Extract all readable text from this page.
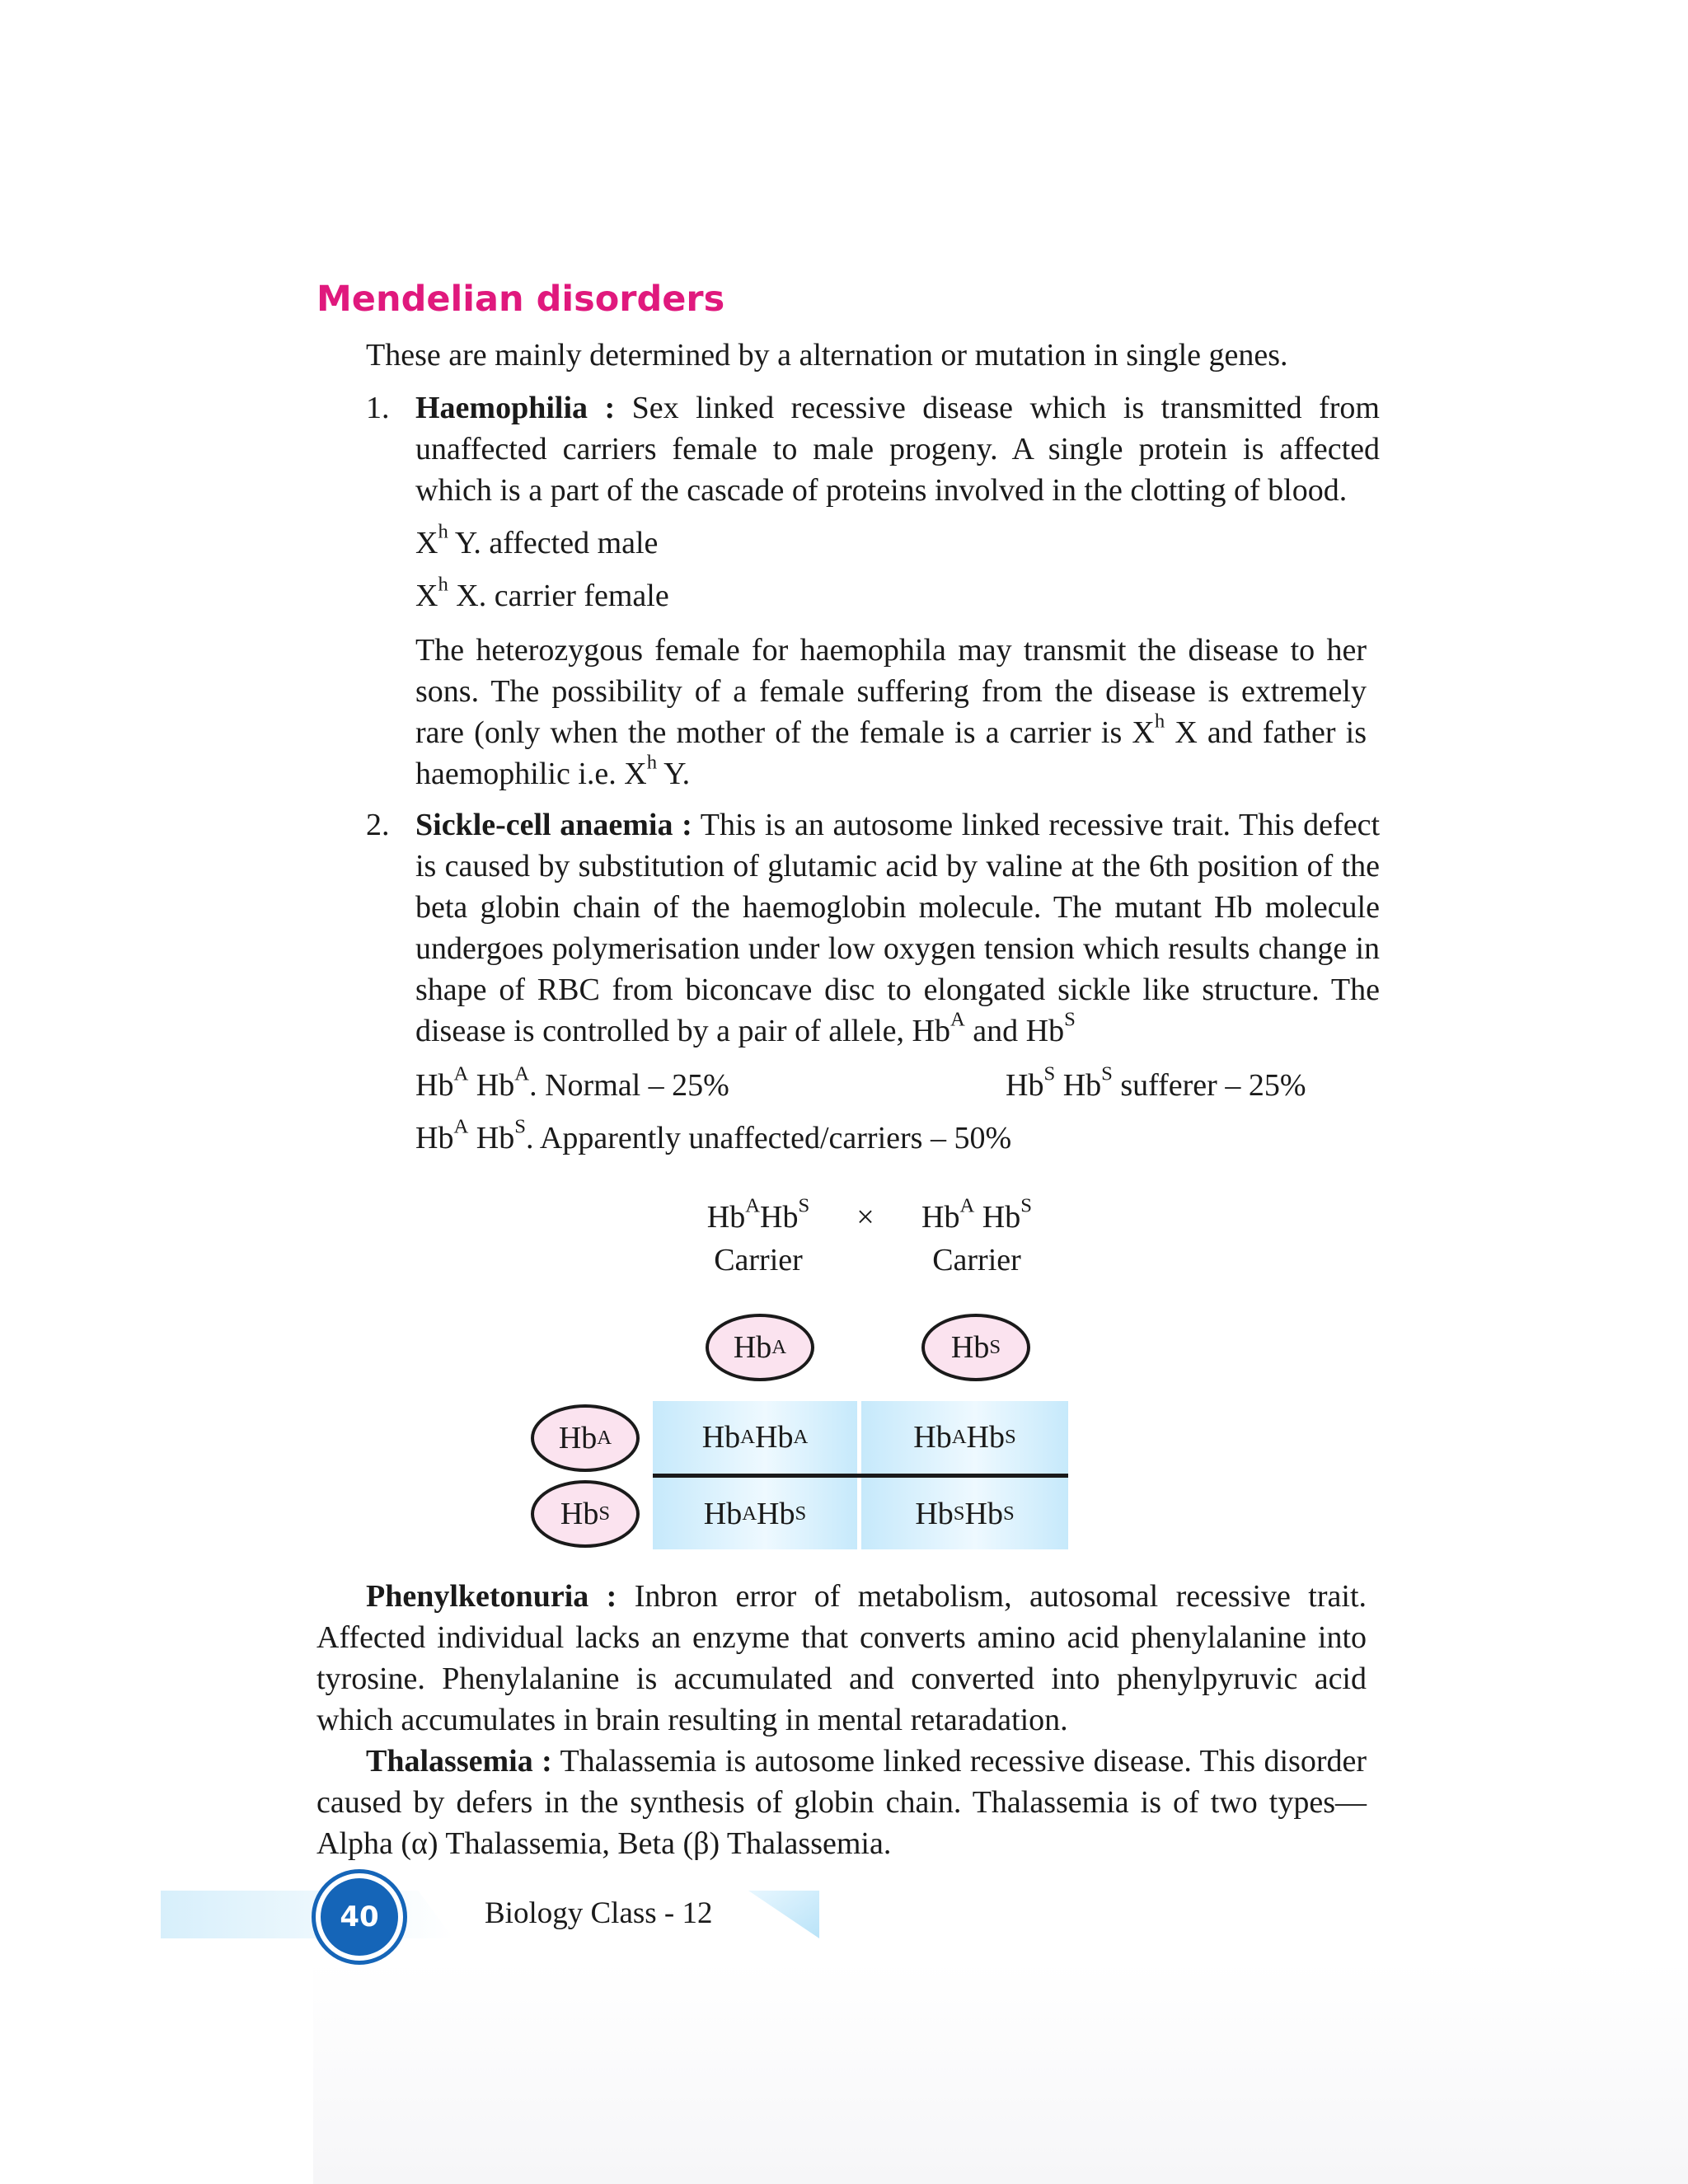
Mendelian disorders
These are mainly determined by a alternation or mutation in single genes.
1. Haemophilia : Sex linked recessive disease which is transmitted from unaffected carriers female to male progeny. A single protein is affected which is a part of the cascade of proteins involved in the clotting of blood.
$X^h$ Y. affected male
$X^h$ X. carrier female
The heterozygous female for haemophila may transmit the disease to her sons. The possibility of a female suffering from the disease is extremely rare (only when the mother of the female is a carrier is $X^h$ X and father is haemophilic i.e. $X^h$ Y.
2. Sickle-cell anaemia : This is an autosome linked recessive trait. This defect is caused by substitution of glutamic acid by valine at the 6th position of the beta globin chain of the haemoglobin molecule. The mutant Hb molecule undergoes polymerisation under low oxygen tension which results change in shape of RBC from biconcave disc to elongated sickle like structure. The disease is controlled by a pair of allele, $Hb^A$ and $Hb^S$
$Hb^A$ $Hb^A$. Normal – 25%	$Hb^S$ $Hb^S$ sufferer – 25%
$Hb^A$ $Hb^S$. Apparently unaffected/carriers – 50%
$Hb^AHb^S$ ×	$Hb^A$ $Hb^S$
Carrier	Carrier
Hb A	Hb S
Hb A
Hb S
Hb A Hb A	Hb A Hb S
Hb A Hb S	Hb S Hb S
Phenylketonuria : Inbron error of metabolism, autosomal recessive trait. Affected individual lacks an enzyme that converts amino acid phenylalanine into tyrosine. Phenylalanine is accumulated and converted into phenylpyruvic acid which accumulates in brain resulting in mental retaradation.
Thalassemia : Thalassemia is autosome linked recessive disease. This disorder caused by defers in the synthesis of globin chain. Thalassemia is of two types—Alpha (α) Thalassemia, Beta (β) Thalassemia.
40	Biology Class - 12
